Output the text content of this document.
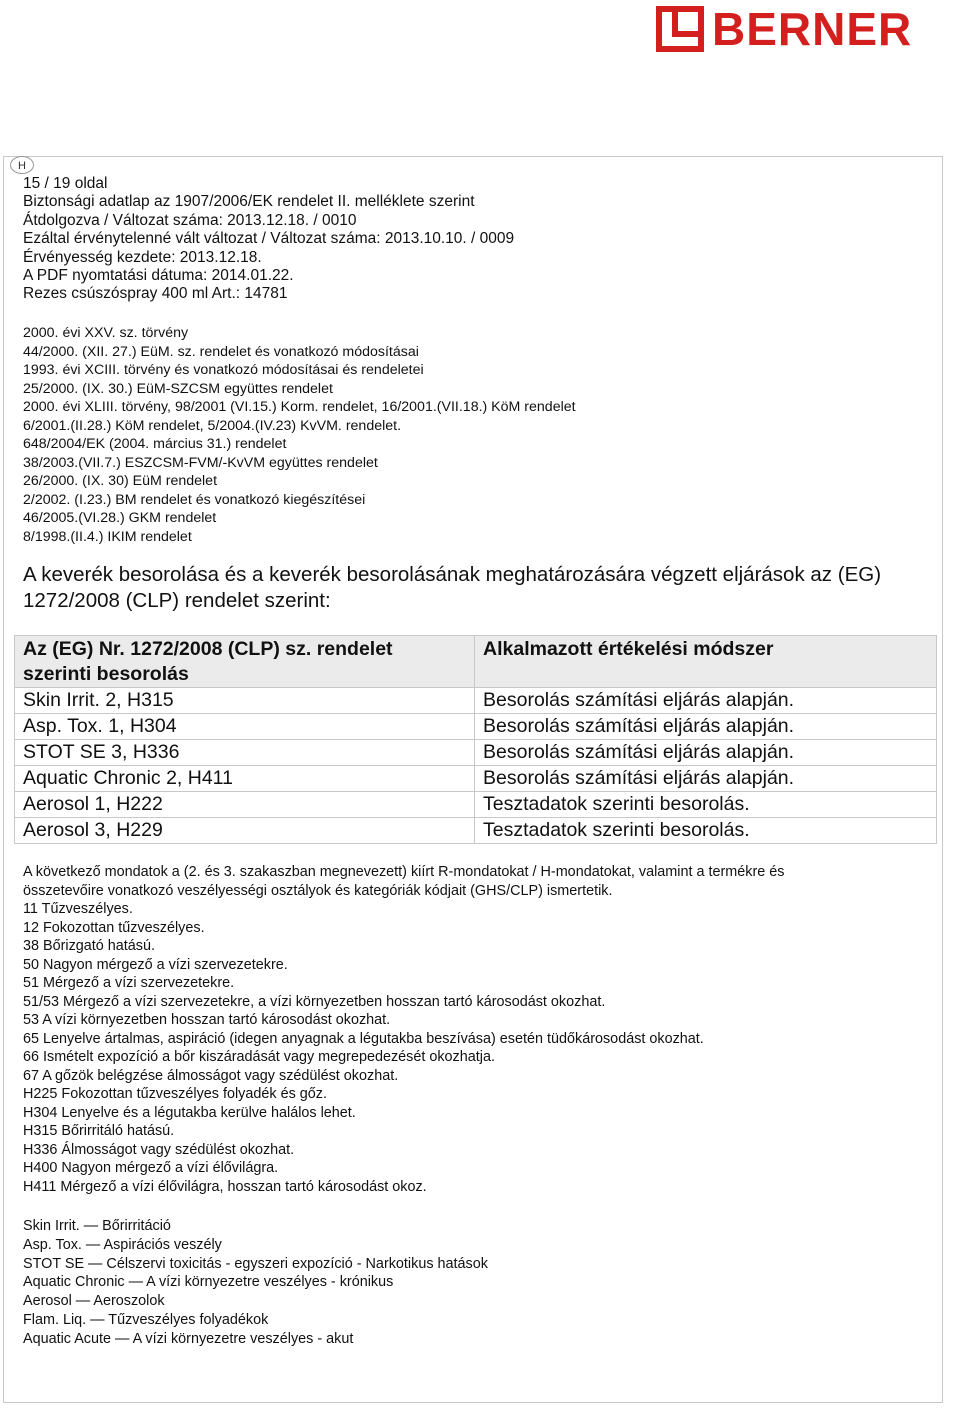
BERNER
H
15 / 19 oldal
Biztonsági adatlap az 1907/2006/EK rendelet II. melléklete szerint
Átdolgozva / Változat száma: 2013.12.18. / 0010
Ezáltal érvénytelenné vált változat / Változat száma: 2013.10.10. / 0009
Érvényesség kezdete: 2013.12.18.
A PDF nyomtatási dátuma: 2014.01.22.
Rezes csúszóspray 400 ml Art.: 14781
2000. évi XXV. sz. törvény
44/2000. (XII. 27.) EüM. sz. rendelet és vonatkozó módosításai
1993. évi XCIII. törvény és vonatkozó módosításai és rendeletei
25/2000. (IX. 30.) EüM-SZCSM együttes rendelet
2000. évi XLIII. törvény, 98/2001 (VI.15.) Korm. rendelet, 16/2001.(VII.18.) KöM rendelet
6/2001.(II.28.) KöM rendelet, 5/2004.(IV.23) KvVM. rendelet.
648/2004/EK (2004. március 31.) rendelet
38/2003.(VII.7.) ESZCSM-FVM/-KvVM együttes rendelet
26/2000. (IX. 30) EüM rendelet
2/2002. (I.23.) BM rendelet és vonatkozó kiegészítései
46/2005.(VI.28.) GKM rendelet
8/1998.(II.4.) IKIM rendelet
A keverék besorolása és a keverék besorolásának meghatározására végzett eljárások az (EG) 1272/2008 (CLP) rendelet szerint:
Az (EG) Nr. 1272/2008 (CLP) sz. rendelet szerinti besorolás	Alkalmazott értékelési módszer
Skin Irrit. 2, H315	Besorolás számítási eljárás alapján.
Asp. Tox. 1, H304	Besorolás számítási eljárás alapján.
STOT SE 3, H336	Besorolás számítási eljárás alapján.
Aquatic Chronic 2, H411	Besorolás számítási eljárás alapján.
Aerosol 1, H222	Tesztadatok szerinti besorolás.
Aerosol 3, H229	Tesztadatok szerinti besorolás.
A következő mondatok a (2. és 3. szakaszban megnevezett) kiírt R-mondatokat / H-mondatokat, valamint a termékre és
összetevőire vonatkozó veszélyességi osztályok és kategóriák kódjait (GHS/CLP) ismertetik.
11 Tűzveszélyes.
12 Fokozottan tűzveszélyes.
38 Bőrizgató hatású.
50 Nagyon mérgező a vízi szervezetekre.
51 Mérgező a vízi szervezetekre.
51/53 Mérgező a vízi szervezetekre, a vízi környezetben hosszan tartó károsodást okozhat.
53 A vízi környezetben hosszan tartó károsodást okozhat.
65 Lenyelve ártalmas, aspiráció (idegen anyagnak a légutakba beszívása) esetén tüdőkárosodást okozhat.
66 Ismételt expozíció a bőr kiszáradását vagy megrepedezését okozhatja.
67 A gőzök belégzése álmosságot vagy szédülést okozhat.
H225 Fokozottan tűzveszélyes folyadék és gőz.
H304 Lenyelve és a légutakba kerülve halálos lehet.
H315 Bőrirritáló hatású.
H336 Álmosságot vagy szédülést okozhat.
H400 Nagyon mérgező a vízi élővilágra.
H411 Mérgező a vízi élővilágra, hosszan tartó károsodást okoz.
Skin Irrit. — Bőrirritáció
Asp. Tox. — Aspirációs veszély
STOT SE — Célszervi toxicitás - egyszeri expozíció - Narkotikus hatások
Aquatic Chronic — A vízi környezetre veszélyes - krónikus
Aerosol — Aeroszolok
Flam. Liq. — Tűzveszélyes folyadékok
Aquatic Acute — A vízi környezetre veszélyes - akut
